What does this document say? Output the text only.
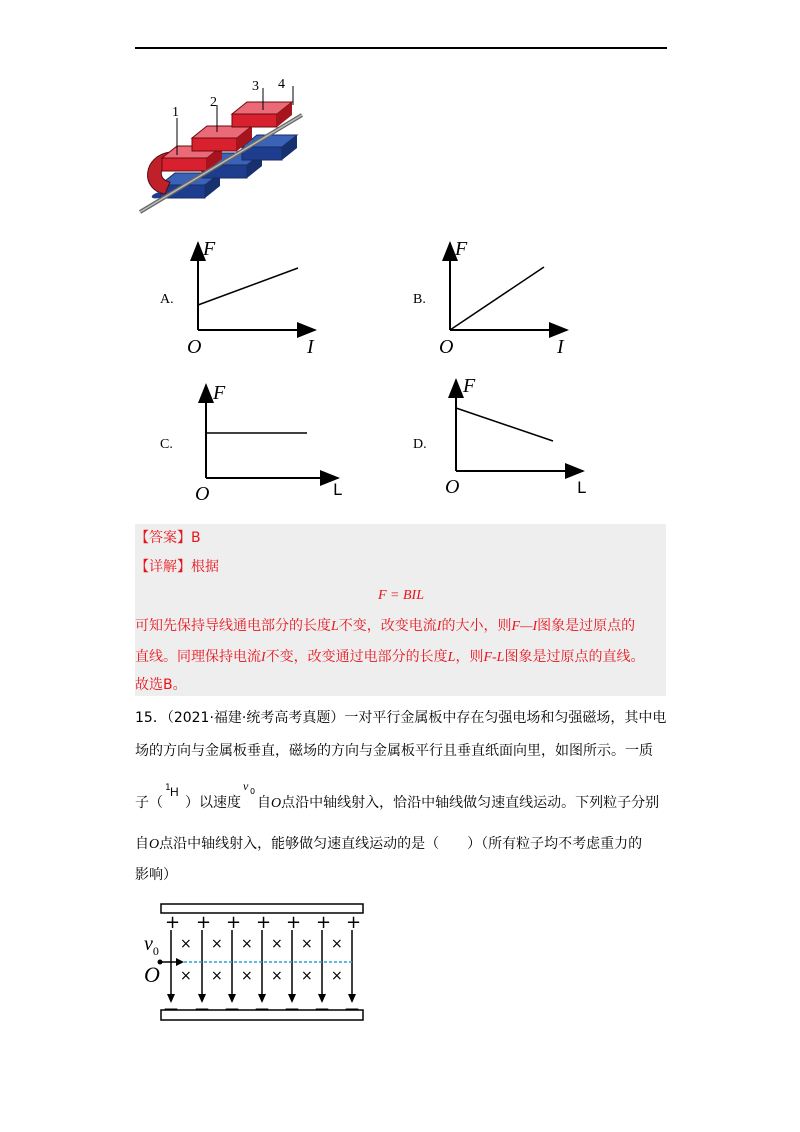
1
2
3 4
A.
F
I
O
B.
F
I
O
C.
F
L
O
D.
F
L
O
【答案】B
【详解】根据
F = BIL
可知先保持导线通电部分的长度L不变，改变电流I的大小，则F—I图象是过原点的
直线。同理保持电流I不变，改变通过电部分的长度L，则F-L图象是过原点的直线。
故选B。
15．（2021·福建·统考高考真题）一对平行金属板中存在匀强电场和匀强磁场，其中电
场的方向与金属板垂直，磁场的方向与金属板平行且垂直纸面向里，如图所示。一质
子（
1 H
）以速度
v 0
自O点沿中轴线射入，恰沿中轴线做匀速直线运动。下列粒子分别
自O点沿中轴线射入，能够做匀速直线运动的是（　　）（所有粒子均不考虑重力的
影响）
+
—
×
×
+
—
×
×
+
—
×
×
+
—
×
×
+
—
×
×
+
—
×
×
+
—
$v_0$
O
